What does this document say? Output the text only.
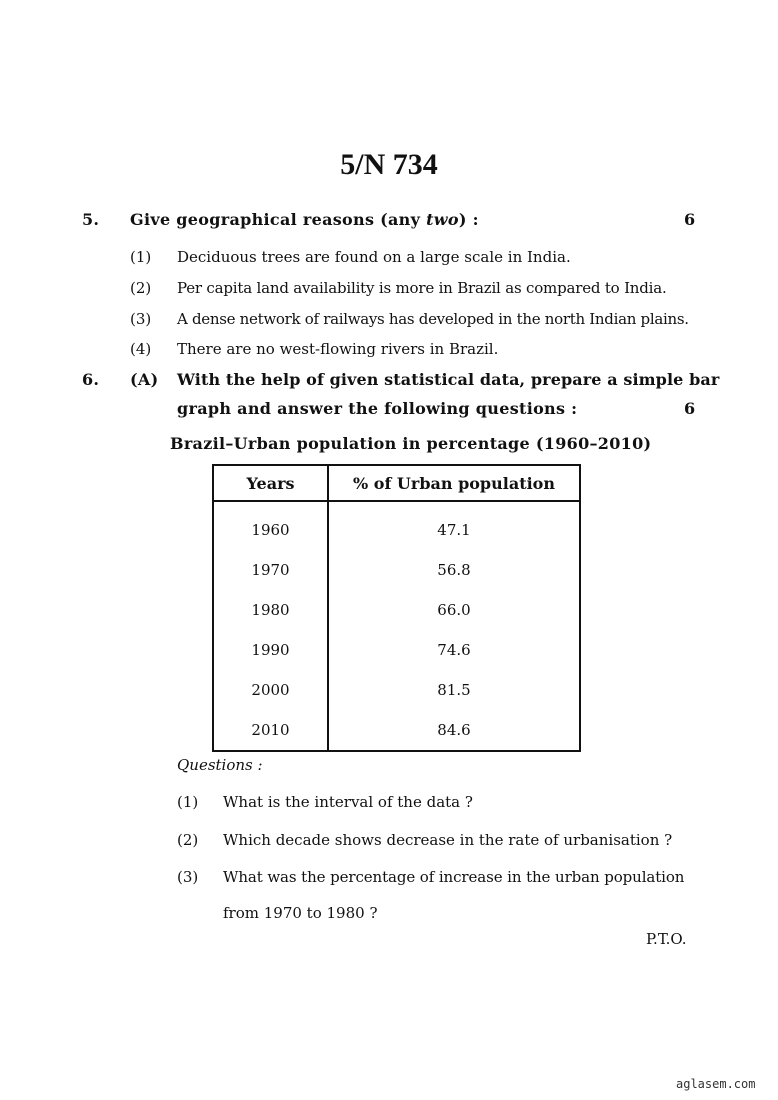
5/N 734
5. Give geographical reasons (any two) :	6
(1) Deciduous trees are found on a large scale in India.
(2) Per capita land availability is more in Brazil as compared to India.
(3) A dense network of railways has developed in the north Indian plains.
(4) There are no west-flowing rivers in Brazil.
6. (A) With the help of given statistical data, prepare a simple bar
graph and answer the following questions :	6
Brazil–Urban population in percentage (1960–2010)
Years	% of Urban population
1960	47.1
1970	56.8
1980	66.0
1990	74.6
2000	81.5
2010	84.6
Questions :
(1) What is the interval of the data ?
(2) Which decade shows decrease in the rate of urbanisation ?
(3) What was the percentage of increase in the urban population
from 1970 to 1980 ?
P.T.O.
aglasem.com
